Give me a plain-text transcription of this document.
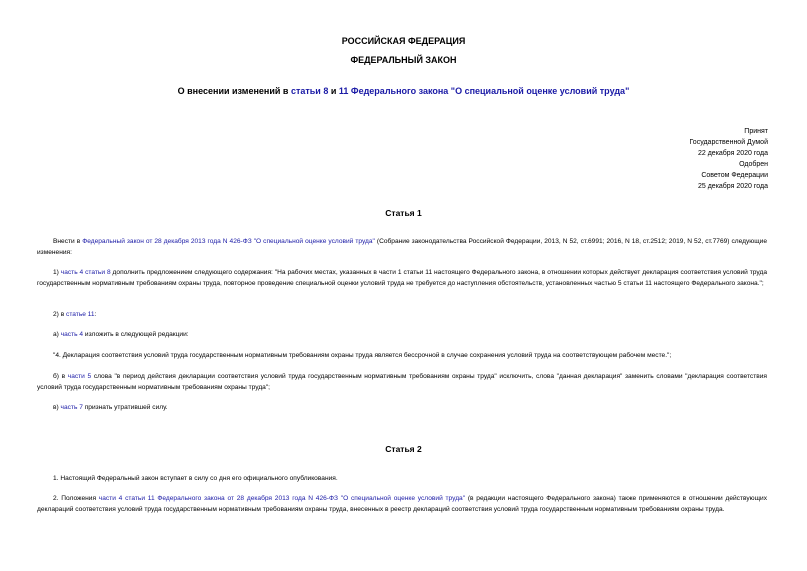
РОССИЙСКАЯ ФЕДЕРАЦИЯ
ФЕДЕРАЛЬНЫЙ ЗАКОН
О внесении изменений в статьи 8 и 11 Федерального закона "О специальной оценке условий труда"
Принят
Государственной Думой
22 декабря 2020 года
Одобрен
Советом Федерации
25 декабря 2020 года
Статья 1
Внести в Федеральный закон от 28 декабря 2013 года N 426-ФЗ "О специальной оценке условий труда" (Собрание законодательства Российской Федерации, 2013, N 52, ст.6991; 2016, N 18, ст.2512; 2019, N 52, ст.7769) следующие изменения:
1) часть 4 статьи 8 дополнить предложением следующего содержания: "На рабочих местах, указанных в части 1 статьи 11 настоящего Федерального закона, в отношении которых действует декларация соответствия условий труда государственным нормативным требованиям охраны труда, повторное проведение специальной оценки условий труда не требуется до наступления обстоятельств, установленных частью 5 статьи 11 настоящего Федерального закона.";
2) в статье 11:
а) часть 4 изложить в следующей редакции:
"4. Декларация соответствия условий труда государственным нормативным требованиям охраны труда является бессрочной в случае сохранения условий труда на соответствующем рабочем месте.";
б) в части 5 слова "в период действия декларации соответствия условий труда государственным нормативным требованиям охраны труда" исключить, слова "данная декларация" заменить словами "декларация соответствия условий труда государственным нормативным требованиям охраны труда";
в) часть 7 признать утратившей силу.
Статья 2
1. Настоящий Федеральный закон вступает в силу со дня его официального опубликования.
2. Положения части 4 статьи 11 Федерального закона от 28 декабря 2013 года N 426-ФЗ "О специальной оценке условий труда" (в редакции настоящего Федерального закона) также применяются в отношении действующих деклараций соответствия условий труда государственным нормативным требованиям охраны труда, внесенных в реестр деклараций соответствия условий труда государственным нормативным требованиям охраны труда.
